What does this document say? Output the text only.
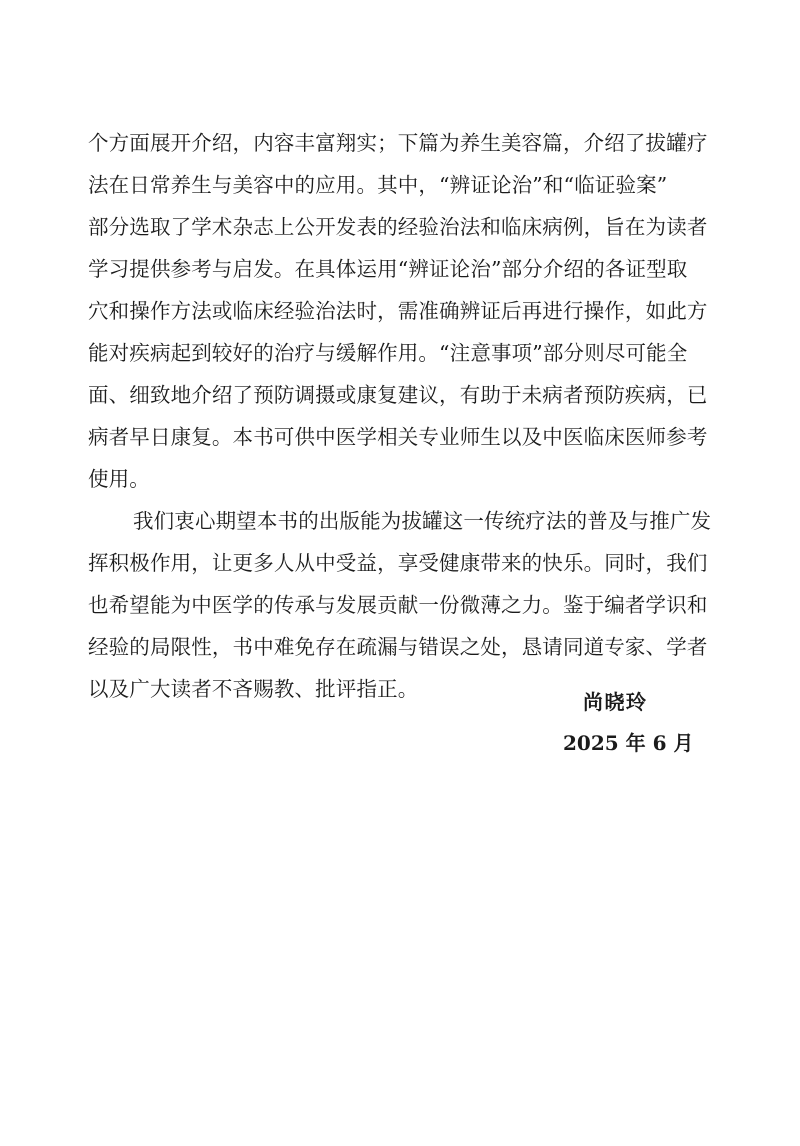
个方面展开介绍，内容丰富翔实；下篇为养生美容篇，介绍了拔罐疗
法在日常养生与美容中的应用。其中，“辨证论治”和“临证验案”
部分选取了学术杂志上公开发表的经验治法和临床病例，旨在为读者
学习提供参考与启发。在具体运用“辨证论治”部分介绍的各证型取
穴和操作方法或临床经验治法时，需准确辨证后再进行操作，如此方
能对疾病起到较好的治疗与缓解作用。“注意事项”部分则尽可能全
面、细致地介绍了预防调摄或康复建议，有助于未病者预防疾病，已
病者早日康复。本书可供中医学相关专业师生以及中医临床医师参考
使用。
我们衷心期望本书的出版能为拔罐这一传统疗法的普及与推广发
挥积极作用，让更多人从中受益，享受健康带来的快乐。同时，我们
也希望能为中医学的传承与发展贡献一份微薄之力。鉴于编者学识和
经验的局限性，书中难免存在疏漏与错误之处，恳请同道专家、学者
以及广大读者不吝赐教、批评指正。
尚晓玲
2025 年 6 月
